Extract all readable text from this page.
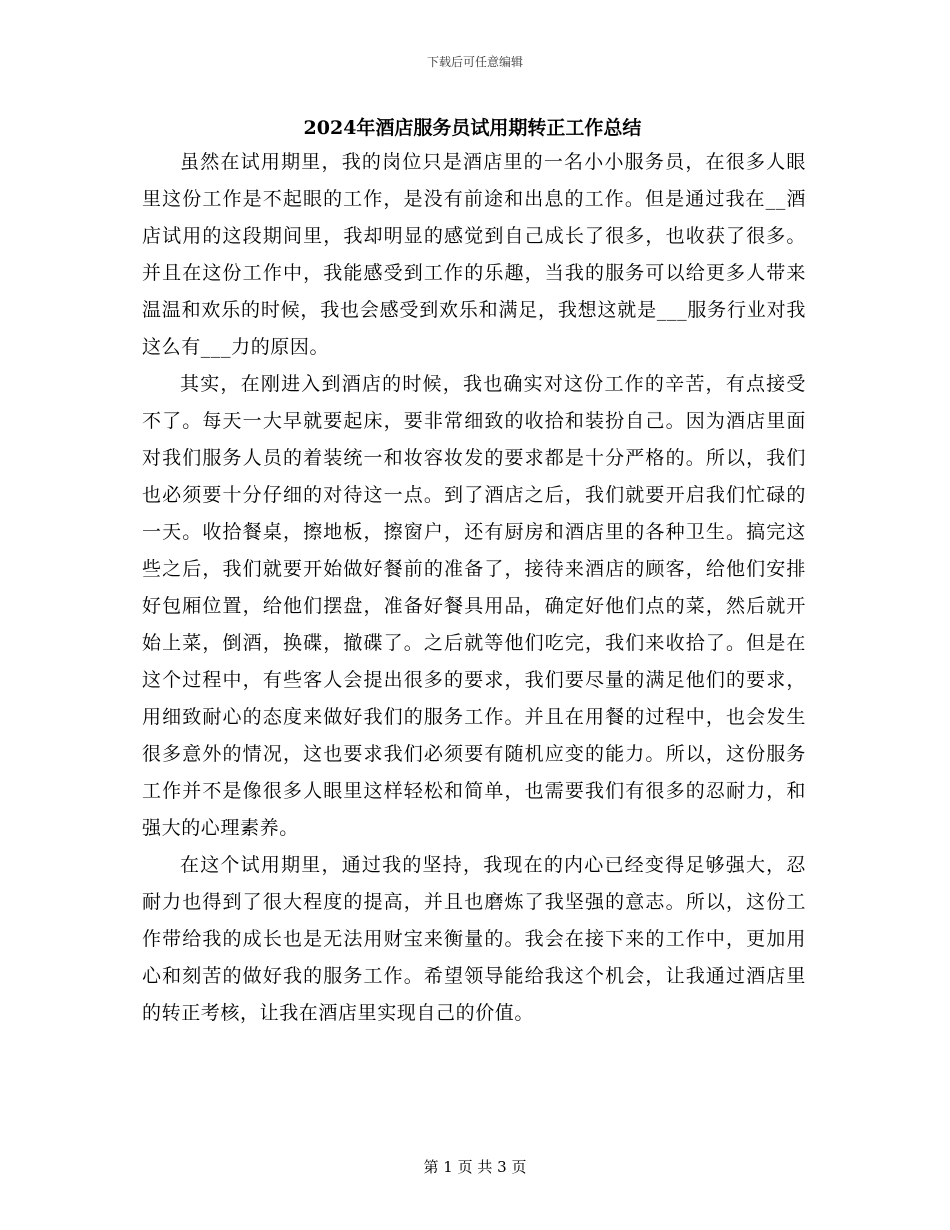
下载后可任意编辑
2024年酒店服务员试用期转正工作总结

虽然在试用期里，我的岗位只是酒店里的一名小小服务员，在很多人眼里这份工作是不起眼的工作，是没有前途和出息的工作。但是通过我在__酒店试用的这段期间里，我却明显的感觉到自己成长了很多，也收获了很多。并且在这份工作中，我能感受到工作的乐趣，当我的服务可以给更多人带来温温和欢乐的时候，我也会感受到欢乐和满足，我想这就是___服务行业对我这么有___力的原因。

其实，在刚进入到酒店的时候，我也确实对这份工作的辛苦，有点接受不了。每天一大早就要起床，要非常细致的收拾和装扮自己。因为酒店里面对我们服务人员的着装统一和妆容妆发的要求都是十分严格的。所以，我们也必须要十分仔细的对待这一点。到了酒店之后，我们就要开启我们忙碌的一天。收拾餐桌，擦地板，擦窗户，还有厨房和酒店里的各种卫生。搞完这些之后，我们就要开始做好餐前的准备了，接待来酒店的顾客，给他们安排好包厢位置，给他们摆盘，准备好餐具用品，确定好他们点的菜，然后就开始上菜，倒酒，换碟，撤碟了。之后就等他们吃完，我们来收拾了。但是在这个过程中，有些客人会提出很多的要求，我们要尽量的满足他们的要求，用细致耐心的态度来做好我们的服务工作。并且在用餐的过程中，也会发生很多意外的情况，这也要求我们必须要有随机应变的能力。所以，这份服务工作并不是像很多人眼里这样轻松和简单，也需要我们有很多的忍耐力，和强大的心理素养。

在这个试用期里，通过我的坚持，我现在的内心已经变得足够强大，忍耐力也得到了很大程度的提高，并且也磨炼了我坚强的意志。所以，这份工作带给我的成长也是无法用财宝来衡量的。我会在接下来的工作中，更加用心和刻苦的做好我的服务工作。希望领导能给我这个机会，让我通过酒店里的转正考核，让我在酒店里实现自己的价值。

第 1 页 共 3 页
